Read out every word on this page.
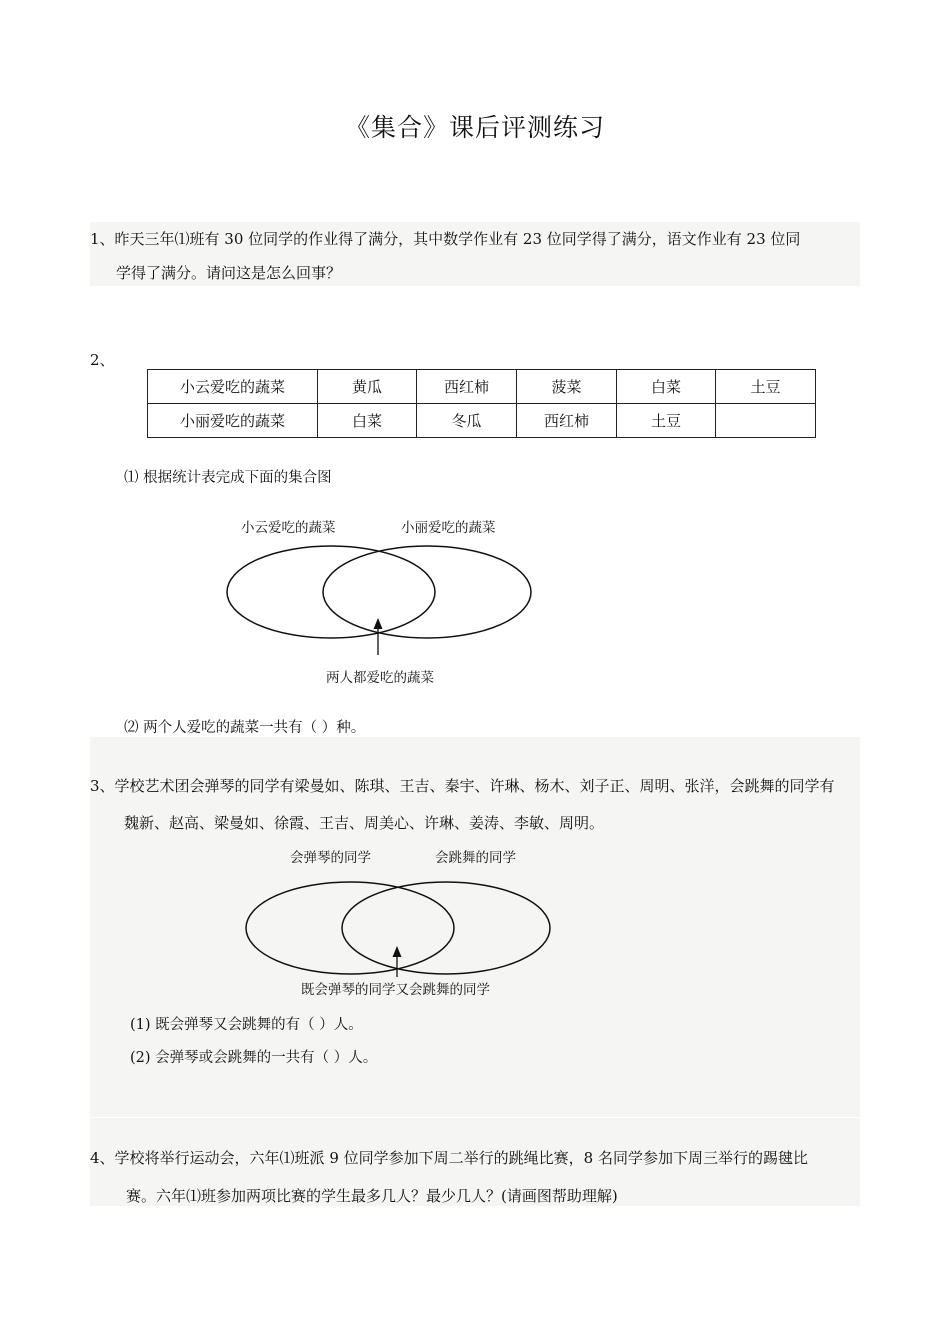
《集合》课后评测练习
1、昨天三年⑴班有 30 位同学的作业得了满分，其中数学作业有 23 位同学得了满分，语文作业有 23 位同
学得了满分。请问这是怎么回事？
2、
小云爱吃的蔬菜	黄瓜	西红柿	菠菜	白菜	土豆
小丽爱吃的蔬菜	白菜	冬瓜	西红柿	土豆	
⑴ 根据统计表完成下面的集合图
小云爱吃的蔬菜	小丽爱吃的蔬菜
两人都爱吃的蔬菜
⑵ 两个人爱吃的蔬菜一共有（ ）种。
3、学校艺术团会弹琴的同学有梁曼如、陈琪、王吉、秦宇、许琳、杨木、刘子正、周明、张洋，会跳舞的同学有
魏新、赵高、梁曼如、徐霞、王吉、周美心、许琳、姜涛、李敏、周明。
会弹琴的同学	会跳舞的同学
既会弹琴的同学又会跳舞的同学
(1) 既会弹琴又会跳舞的有（ ）人。
(2) 会弹琴或会跳舞的一共有（ ）人。
4、学校将举行运动会，六年⑴班派 9 位同学参加下周二举行的跳绳比赛，8 名同学参加下周三举行的踢毽比
赛。六年⑴班参加两项比赛的学生最多几人？最少几人？(请画图帮助理解)
